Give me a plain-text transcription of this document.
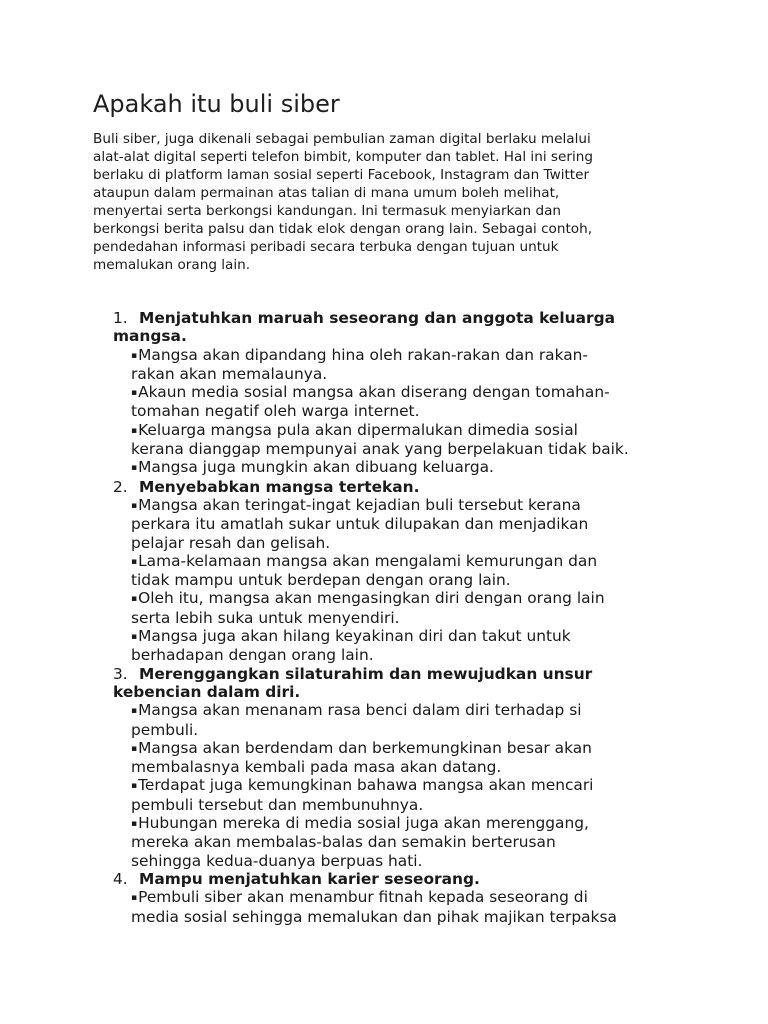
Apakah itu buli siber

Buli siber, juga dikenali sebagai pembulian zaman digital berlaku melalui
alat-alat digital seperti telefon bimbit, komputer dan tablet. Hal ini sering
berlaku di platform laman sosial seperti Facebook, Instagram dan Twitter
ataupun dalam permainan atas talian di mana umum boleh melihat,
menyertai serta berkongsi kandungan. Ini termasuk menyiarkan dan
berkongsi berita palsu dan tidak elok dengan orang lain. Sebagai contoh,
pendedahan informasi peribadi secara terbuka dengan tujuan untuk
memalukan orang lain.

1. Menjatuhkan maruah seseorang dan anggota keluarga
mangsa.
▪Mangsa akan dipandang hina oleh rakan-rakan dan rakan-
rakan akan memalaunya.
▪Akaun media sosial mangsa akan diserang dengan tomahan-
tomahan negatif oleh warga internet.
▪Keluarga mangsa pula akan dipermalukan dimedia sosial
kerana dianggap mempunyai anak yang berpelakuan tidak baik.
▪Mangsa juga mungkin akan dibuang keluarga.
2. Menyebabkan mangsa tertekan.
▪Mangsa akan teringat-ingat kejadian buli tersebut kerana
perkara itu amatlah sukar untuk dilupakan dan menjadikan
pelajar resah dan gelisah.
▪Lama-kelamaan mangsa akan mengalami kemurungan dan
tidak mampu untuk berdepan dengan orang lain.
▪Oleh itu, mangsa akan mengasingkan diri dengan orang lain
serta lebih suka untuk menyendiri.
▪Mangsa juga akan hilang keyakinan diri dan takut untuk
berhadapan dengan orang lain.
3. Merenggangkan silaturahim dan mewujudkan unsur
kebencian dalam diri.
▪Mangsa akan menanam rasa benci dalam diri terhadap si
pembuli.
▪Mangsa akan berdendam dan berkemungkinan besar akan
membalasnya kembali pada masa akan datang.
▪Terdapat juga kemungkinan bahawa mangsa akan mencari
pembuli tersebut dan membunuhnya.
▪Hubungan mereka di media sosial juga akan merenggang,
mereka akan membalas-balas dan semakin berterusan
sehingga kedua-duanya berpuas hati.
4. Mampu menjatuhkan karier seseorang.
▪Pembuli siber akan menambur fitnah kepada seseorang di
media sosial sehingga memalukan dan pihak majikan terpaksa
